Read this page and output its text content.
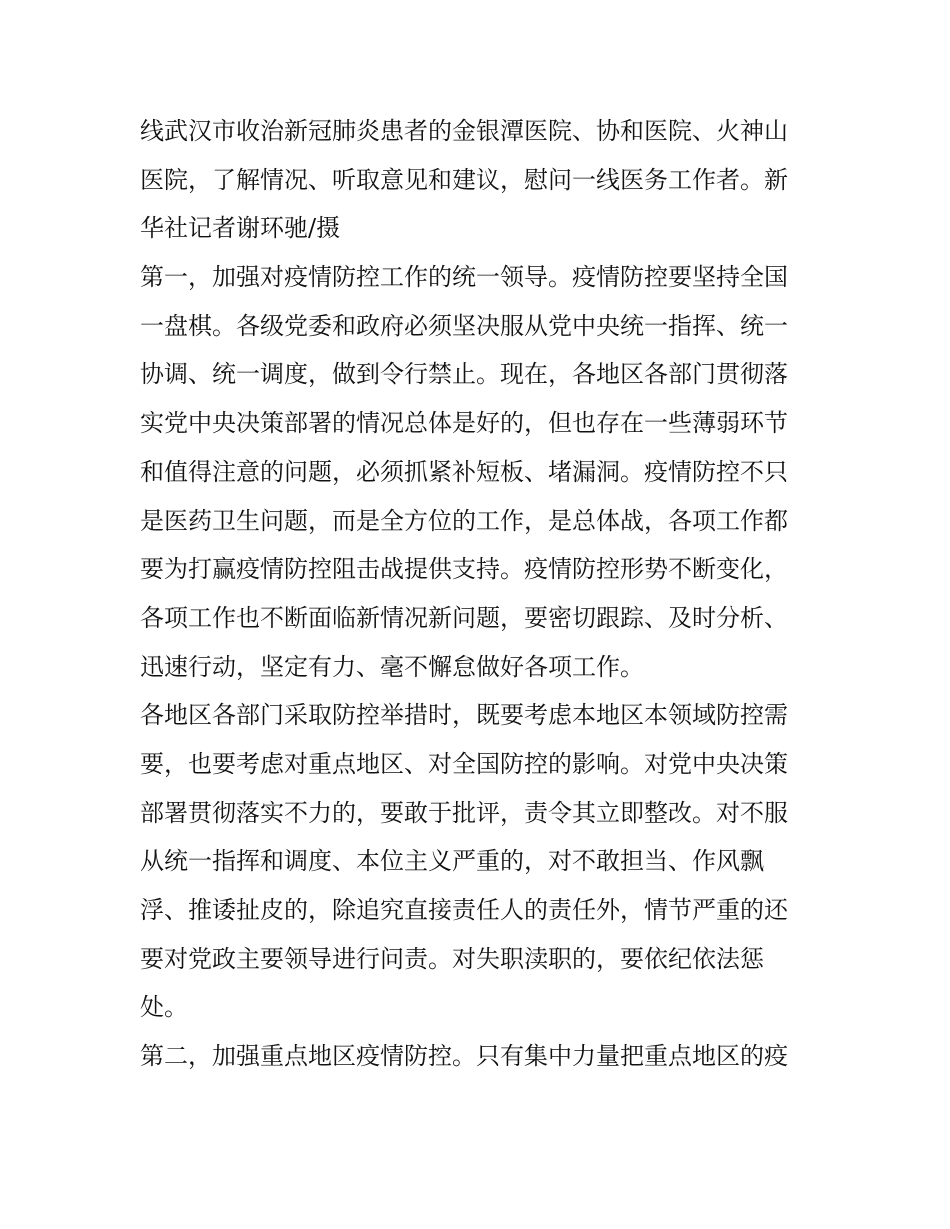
线武汉市收治新冠肺炎患者的金银潭医院、协和医院、火神山
医院，了解情况、听取意见和建议，慰问一线医务工作者。新
华社记者谢环驰/摄
第一，加强对疫情防控工作的统一领导。疫情防控要坚持全国
一盘棋。各级党委和政府必须坚决服从党中央统一指挥、统一
协调、统一调度，做到令行禁止。现在，各地区各部门贯彻落
实党中央决策部署的情况总体是好的，但也存在一些薄弱环节
和值得注意的问题，必须抓紧补短板、堵漏洞。疫情防控不只
是医药卫生问题，而是全方位的工作，是总体战，各项工作都
要为打赢疫情防控阻击战提供支持。疫情防控形势不断变化，
各项工作也不断面临新情况新问题，要密切跟踪、及时分析、
迅速行动，坚定有力、毫不懈怠做好各项工作。
各地区各部门采取防控举措时，既要考虑本地区本领域防控需
要，也要考虑对重点地区、对全国防控的影响。对党中央决策
部署贯彻落实不力的，要敢于批评，责令其立即整改。对不服
从统一指挥和调度、本位主义严重的，对不敢担当、作风飘
浮、推诿扯皮的，除追究直接责任人的责任外，情节严重的还
要对党政主要领导进行问责。对失职渎职的，要依纪依法惩
处。
第二，加强重点地区疫情防控。只有集中力量把重点地区的疫
